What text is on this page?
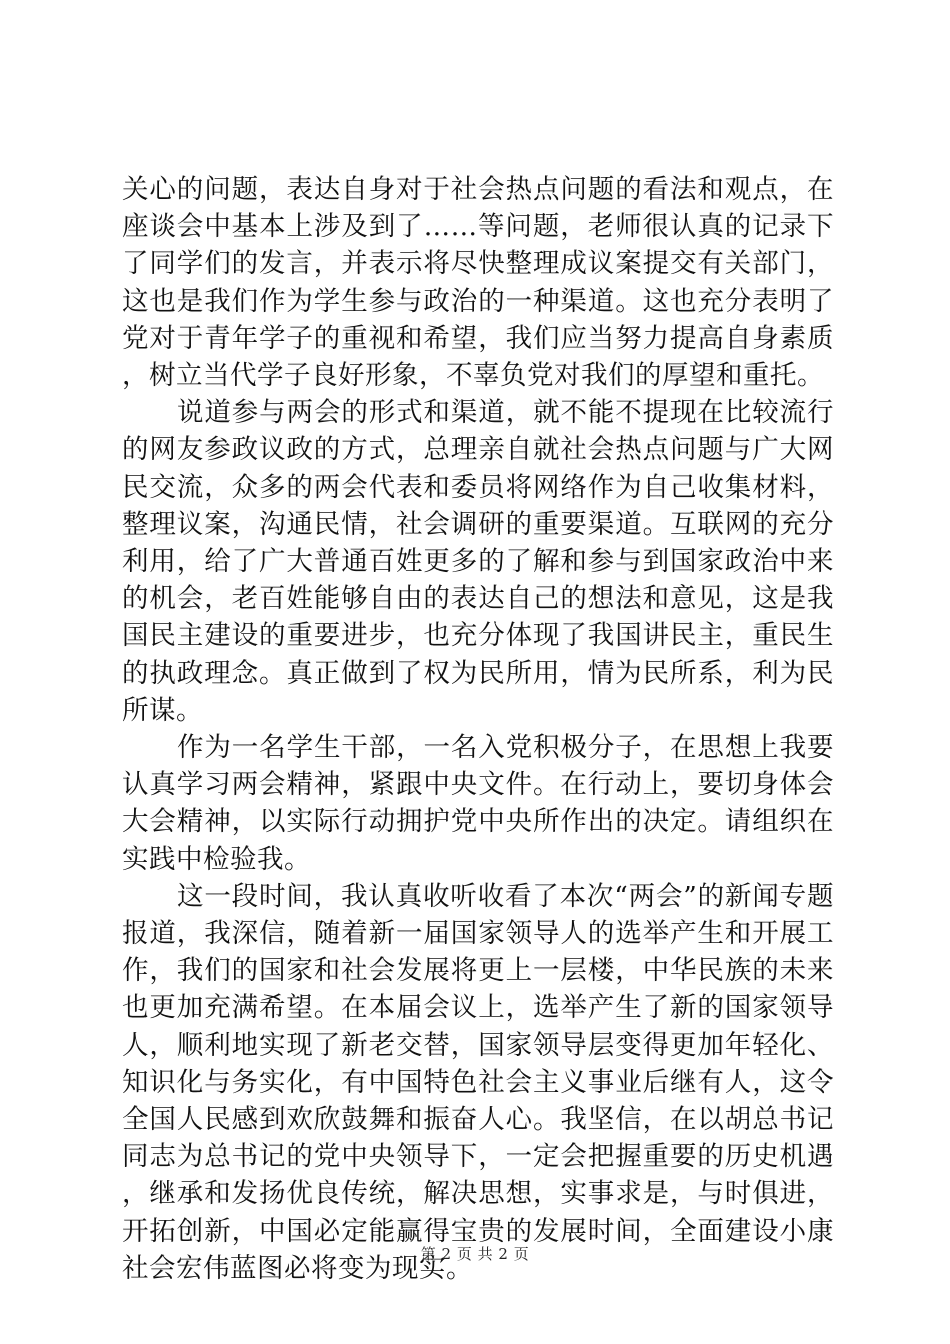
关心的问题，表达自身对于社会热点问题的看法和观点，在座谈会中基本上涉及到了……等问题，老师很认真的记录下了同学们的发言，并表示将尽快整理成议案提交有关部门，这也是我们作为学生参与政治的一种渠道。这也充分表明了党对于青年学子的重视和希望，我们应当努力提高自身素质，树立当代学子良好形象，不辜负党对我们的厚望和重托。

说道参与两会的形式和渠道，就不能不提现在比较流行的网友参政议政的方式，总理亲自就社会热点问题与广大网民交流，众多的两会代表和委员将网络作为自己收集材料，整理议案，沟通民情，社会调研的重要渠道。互联网的充分利用，给了广大普通百姓更多的了解和参与到国家政治中来的机会，老百姓能够自由的表达自己的想法和意见，这是我国民主建设的重要进步，也充分体现了我国讲民主，重民生的执政理念。真正做到了权为民所用，情为民所系，利为民所谋。

作为一名学生干部，一名入党积极分子，在思想上我要认真学习两会精神，紧跟中央文件。在行动上，要切身体会大会精神，以实际行动拥护党中央所作出的决定。请组织在实践中检验我。

这一段时间，我认真收听收看了本次“两会”的新闻专题报道，我深信，随着新一届国家领导人的选举产生和开展工作，我们的国家和社会发展将更上一层楼，中华民族的未来也更加充满希望。在本届会议上，选举产生了新的国家领导人，顺利地实现了新老交替，国家领导层变得更加年轻化、知识化与务实化，有中国特色社会主义事业后继有人，这令全国人民感到欢欣鼓舞和振奋人心。我坚信，在以胡总书记同志为总书记的党中央领导下，一定会把握重要的历史机遇，继承和发扬优良传统，解决思想，实事求是，与时俱进，开拓创新，中国必定能赢得宝贵的发展时间，全面建设小康社会宏伟蓝图必将变为现实。

第 2 页 共 2 页
